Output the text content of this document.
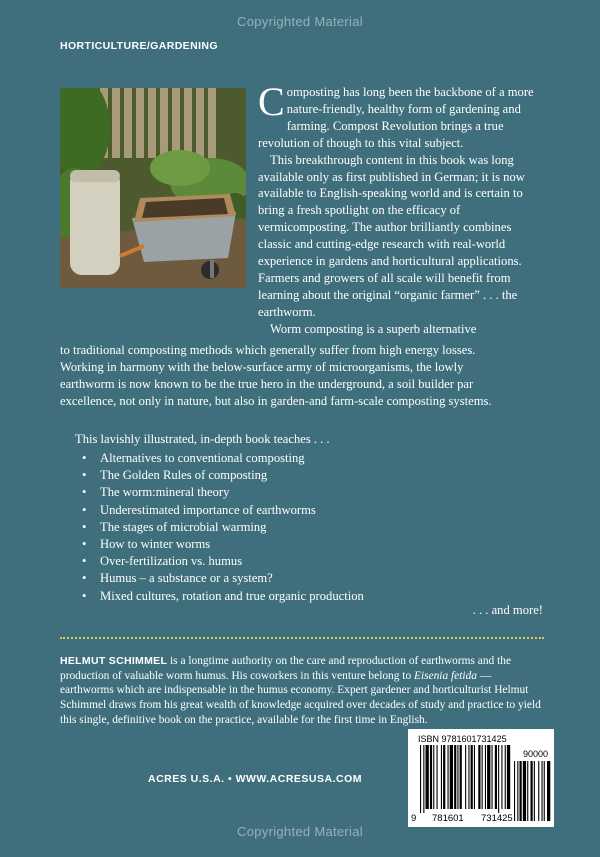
Copyrighted Material
HORTICULTURE/GARDENING
Composting has long been the backbone of a more nature-friendly, healthy form of gardening and farming. Compost Revolution brings a true revolution of though to this vital subject.
This breakthrough content in this book was long available only as first published in German; it is now available to English-speaking world and is certain to bring a fresh spotlight on the efficacy of vermicomposting. The author brilliantly combines classic and cutting-edge research with real-world experience in gardens and horticultural applications. Farmers and growers of all scale will benefit from learning about the original “organic farmer” . . . the earthworm.
Worm composting is a superb alternative
to traditional composting methods which generally suffer from high energy losses.
Working in harmony with the below-surface army of microorganisms, the lowly
earthworm is now known to be the true hero in the underground, a soil builder par
excellence, not only in nature, but also in garden-and farm-scale composting systems.
This lavishly illustrated, in-depth book teaches . . .
• Alternatives to conventional composting
• The Golden Rules of composting
• The worm:mineral theory
• Underestimated importance of earthworms
• The stages of microbial warming
• How to winter worms
• Over-fertilization vs. humus
• Humus – a substance or a system?
• Mixed cultures, rotation and true organic production
. . . and more!

HELMUT SCHIMMEL is a longtime authority on the care and reproduction of earthworms and the production of valuable worm humus. His coworkers in this venture belong to Eisenia fetida — earthworms which are indispensable in the humus economy. Expert gardener and horticulturist Helmut Schimmel draws from his great wealth of knowledge acquired over decades of study and practice to yield this single, definitive book on the practice, available for the first time in English.

ACRES U.S.A. • WWW.ACRESUSA.COM
ISBN 9781601731425
90000
9 781601 731425
Copyrighted Material
